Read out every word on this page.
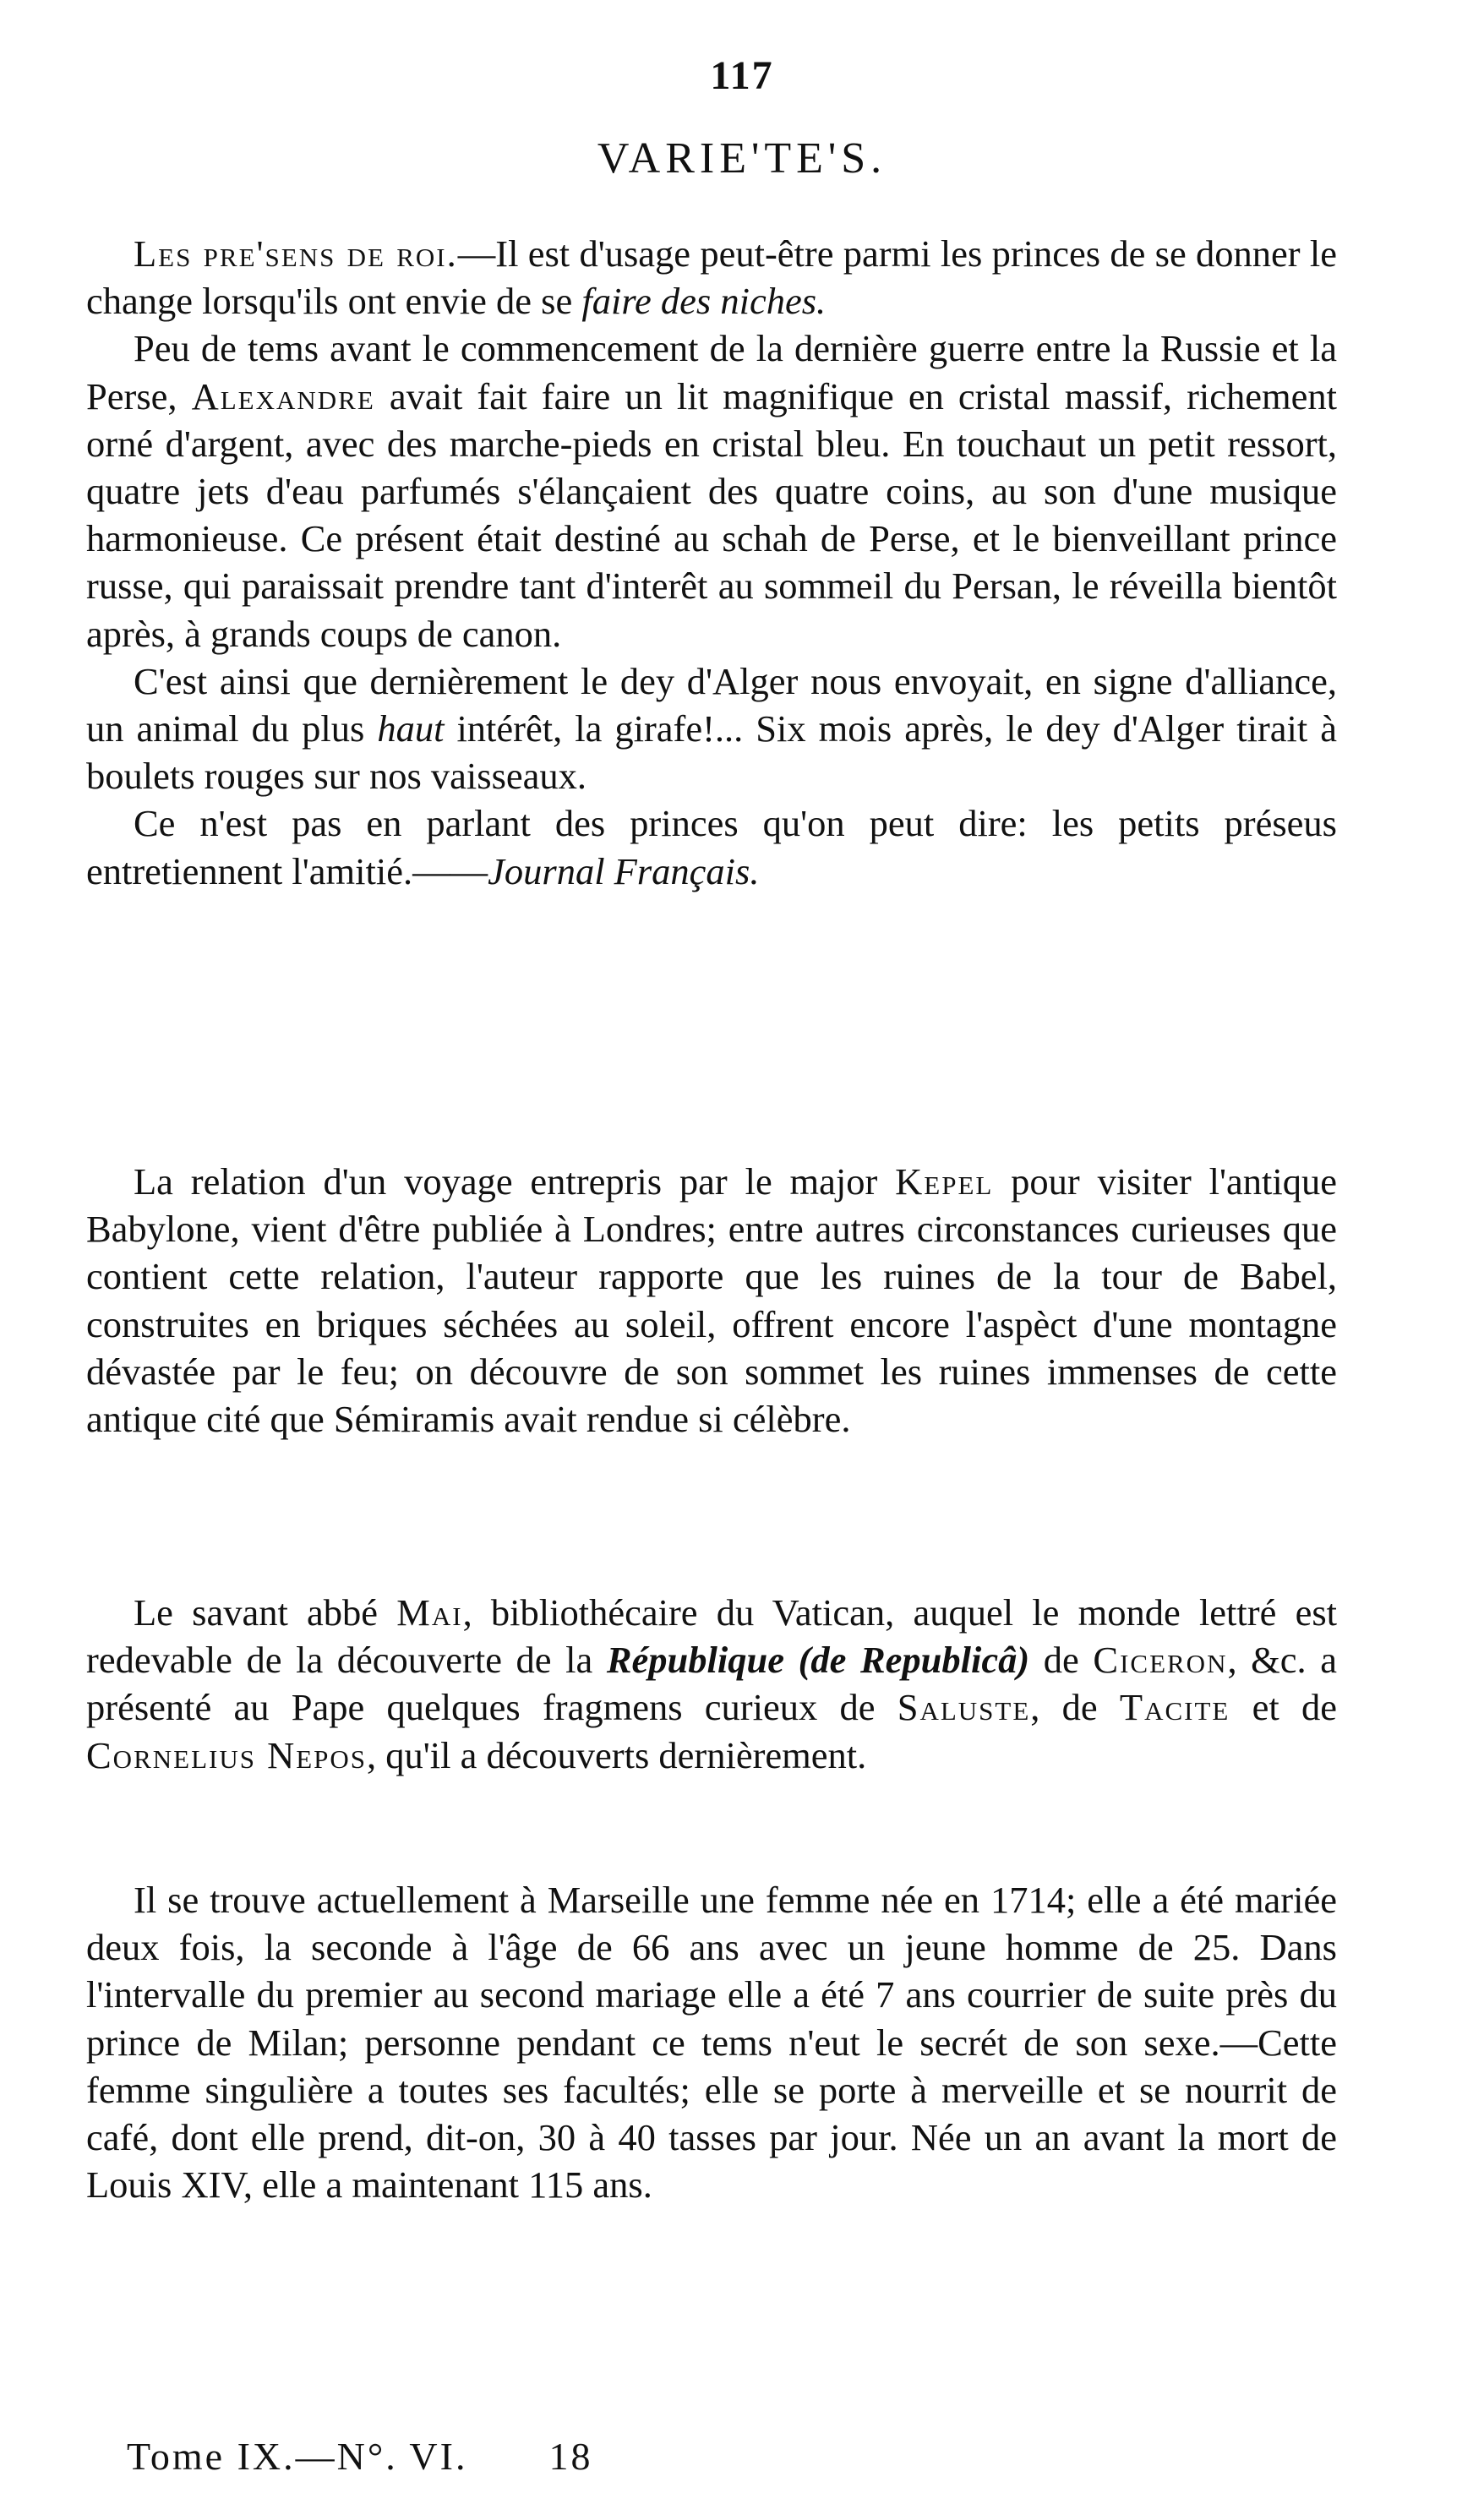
117
VARIE'TE'S.

Les pre'sens de roi.—Il est d'usage peut-être parmi les princes de se donner le change lorsqu'ils ont envie de se faire des niches.

Peu de tems avant le commencement de la dernière guerre entre la Russie et la Perse, Alexandre avait fait faire un lit magnifique en cristal massif, richement orné d'argent, avec des marche-pieds en cristal bleu. En touchaut un petit ressort, quatre jets d'eau parfumés s'élançaient des quatre coins, au son d'une musique harmonieuse. Ce présent était destiné au schah de Perse, et le bienveillant prince russe, qui paraissait prendre tant d'interêt au sommeil du Persan, le réveilla bientôt après, à grands coups de canon.

C'est ainsi que dernièrement le dey d'Alger nous envoyait, en signe d'alliance, un animal du plus haut intérêt, la girafe!... Six mois après, le dey d'Alger tirait à boulets rouges sur nos vaisseaux.

Ce n'est pas en parlant des princes qu'on peut dire: les petits préseus entretiennent l'amitié.——Journal Français.

La relation d'un voyage entrepris par le major Kepel pour visiter l'antique Babylone, vient d'être publiée à Londres; entre autres circonstances curieuses que contient cette relation, l'auteur rapporte que les ruines de la tour de Babel, construites en briques séchées au soleil, offrent encore l'aspèct d'une montagne dévastée par le feu; on découvre de son sommet les ruines immenses de cette antique cité que Sémiramis avait rendue si célèbre.

Le savant abbé Mai, bibliothécaire du Vatican, auquel le monde lettré est redevable de la découverte de la République (de Republicâ) de Ciceron, &c. a présenté au Pape quelques fragmens curieux de Saluste, de Tacite et de Cornelius Nepos, qu'il a découverts dernièrement.

Il se trouve actuellement à Marseille une femme née en 1714; elle a été mariée deux fois, la seconde à l'âge de 66 ans avec un jeune homme de 25. Dans l'intervalle du premier au second mariage elle a été 7 ans courrier de suite près du prince de Milan; personne pendant ce tems n'eut le secrét de son sexe.—Cette femme singulière a toutes ses facultés; elle se porte à merveille et se nourrit de café, dont elle prend, dit-on, 30 à 40 tasses par jour. Née un an avant la mort de Louis XIV, elle a maintenant 115 ans.

Tome IX.—N°. VI. 18
